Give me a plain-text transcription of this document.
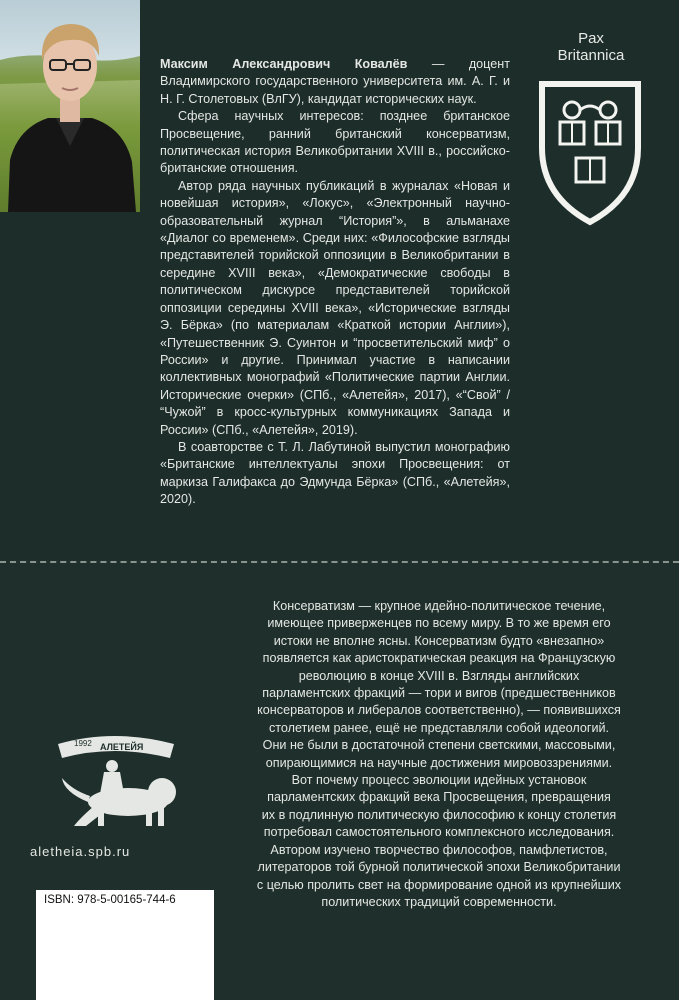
Pax
Britannica

Максим Александрович Ковалёв — доцент Владимирского государственного университета им. А. Г. и Н. Г. Столетовых (ВлГУ), кандидат исторических наук.

Сфера научных интересов: позднее британское Просвещение, ранний британский консерватизм, политическая история Великобритании XVIII в., российско-британские отношения.

Автор ряда научных публикаций в журналах «Новая и новейшая история», «Локус», «Электронный научно-образовательный журнал “История”», в альманахе «Диалог со временем». Среди них: «Философские взгляды представителей торийской оппозиции в Великобритании в середине XVIII века», «Демократические свободы в политическом дискурсе представителей торийской оппозиции середины XVIII века», «Исторические взгляды Э. Бёрка» (по материалам «Краткой истории Англии»), «Путешественник Э. Суинтон и “просветительский миф” о России» и другие. Принимал участие в написании коллективных монографий «Политические партии Англии. Исторические очерки» (СПб., «Алетейя», 2017), «“Свой” / “Чужой” в кросс-культурных коммуникациях Запада и России» (СПб., «Алетейя», 2019).

В соавторстве с Т. Л. Лабутиной выпустил монографию «Британские интеллектуалы эпохи Просвещения: от маркиза Галифакса до Эдмунда Бёрка» (СПб., «Алетейя», 2020).

Консерватизм — крупное идейно-политическое течение,

имеющее приверженцев по всему миру. В то же время его

истоки не вполне ясны. Консерватизм будто «внезапно»

появляется как аристократическая реакция на Французскую

революцию в конце XVIII в. Взгляды английских

парламентских фракций — тори и вигов (предшественников

консерваторов и либералов соответственно), — появившихся

столетием ранее, ещё не представляли собой идеологий.

Они не были в достаточной степени светскими, массовыми,

опирающимися на научные достижения мировоззрениями.

Вот почему процесс эволюции идейных установок

парламентских фракций века Просвещения, превращения

их в подлинную политическую философию к концу столетия

потребовал самостоятельного комплексного исследования.

Автором изучено творчество философов, памфлетистов,

литераторов той бурной политической эпохи Великобритании

с целью пролить свет на формирование одной из крупнейших

политических традиций современности.

1992 АЛЕТЕЙЯ
aletheia.spb.ru
ISBN: 978-5-00165-744-6
